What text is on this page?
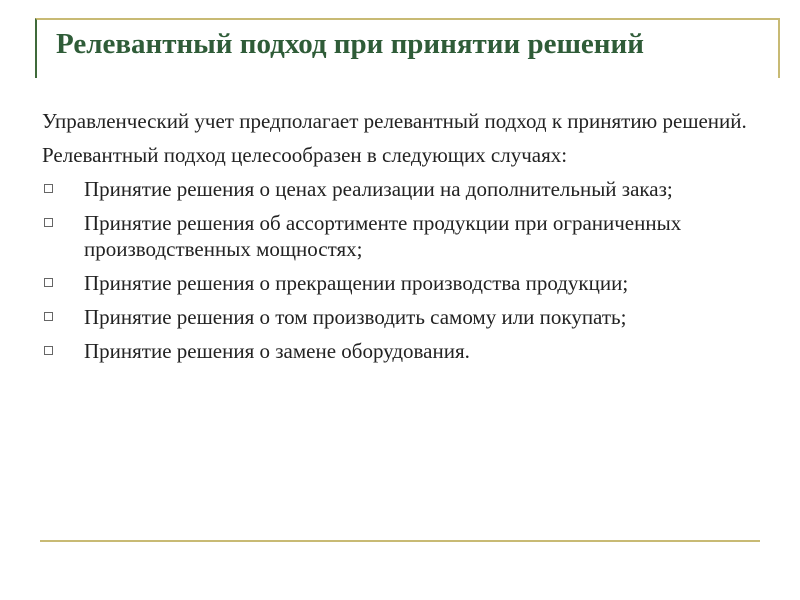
Релевантный подход при принятии решений

Управленческий учет предполагает релевантный подход к принятию решений.

Релевантный подход целесообразен в следующих случаях:

Принятие решения о ценах реализации на дополнительный заказ;
Принятие решения об ассортименте продукции при ограниченных производственных мощностях;
Принятие решения о прекращении производства продукции;
Принятие решения о том производить самому или покупать;
Принятие решения о замене оборудования.
